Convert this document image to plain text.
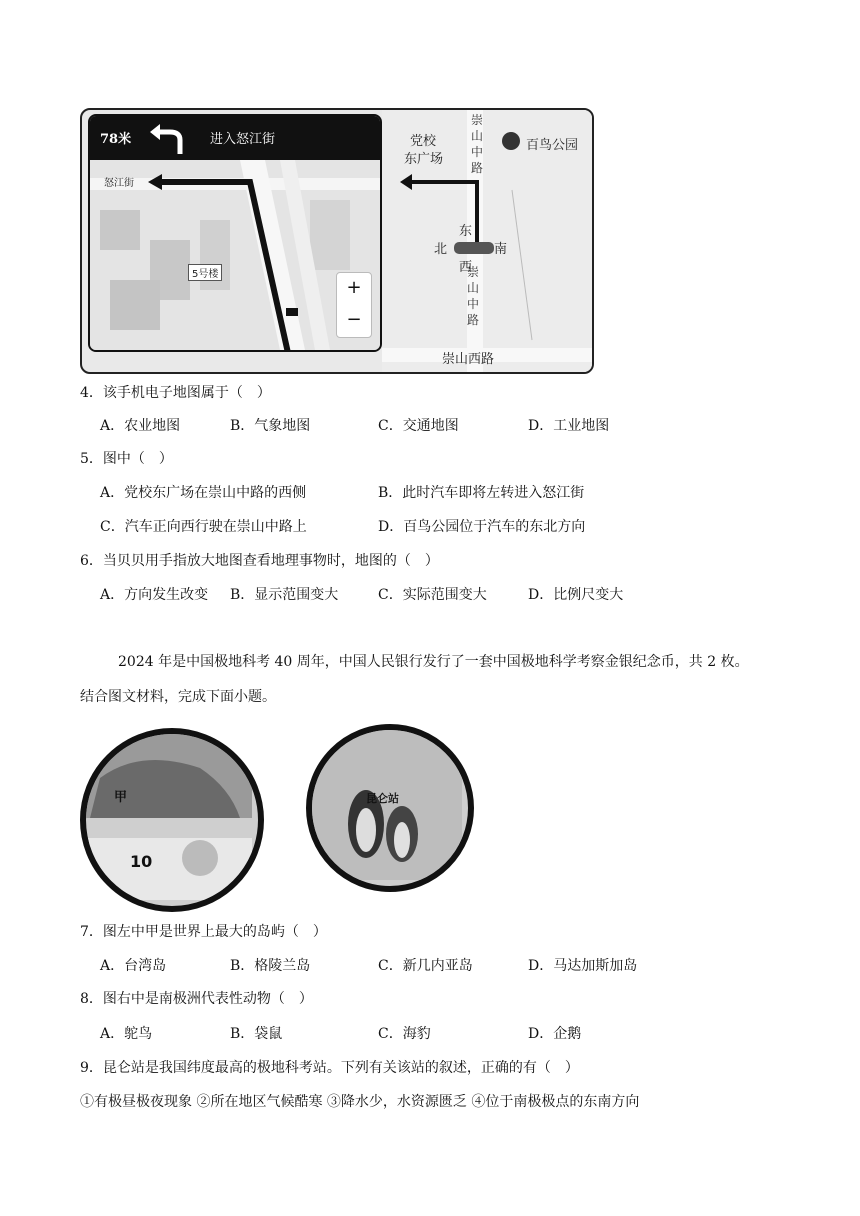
78米	进入怒江街
怒江街
5号楼
+
−
党校
东广场
百鸟公园
崇
山
中
路
崇
山
中
路
东
西
北	南
崇山西路
4．该手机电子地图属于（　）
A．农业地图	B．气象地图	C．交通地图	D．工业地图
5．图中（　）
A．党校东广场在崇山中路的西侧	B．此时汽车即将左转进入怒江街
C．汽车正向西行驶在崇山中路上	D．百鸟公园位于汽车的东北方向
6．当贝贝用手指放大地图查看地理事物时，地图的（　）
A．方向发生改变 B．显示范围变大	C．实际范围变大	D．比例尺变大
2024 年是中国极地科考 40 周年，中国人民银行发行了一套中国极地科学考察金银纪念币，共 2 枚。
结合图文材料，完成下面小题。
甲
10
昆仑站
7．图左中甲是世界上最大的岛屿（　）
A．台湾岛	B．格陵兰岛	C．新几内亚岛	D．马达加斯加岛
8．图右中是南极洲代表性动物（　）
A．鸵鸟	B．袋鼠	C．海豹	D．企鹅
9．昆仑站是我国纬度最高的极地科考站。下列有关该站的叙述，正确的有（　）
①有极昼极夜现象 ②所在地区气候酷寒 ③降水少，水资源匮乏 ④位于南极极点的东南方向
